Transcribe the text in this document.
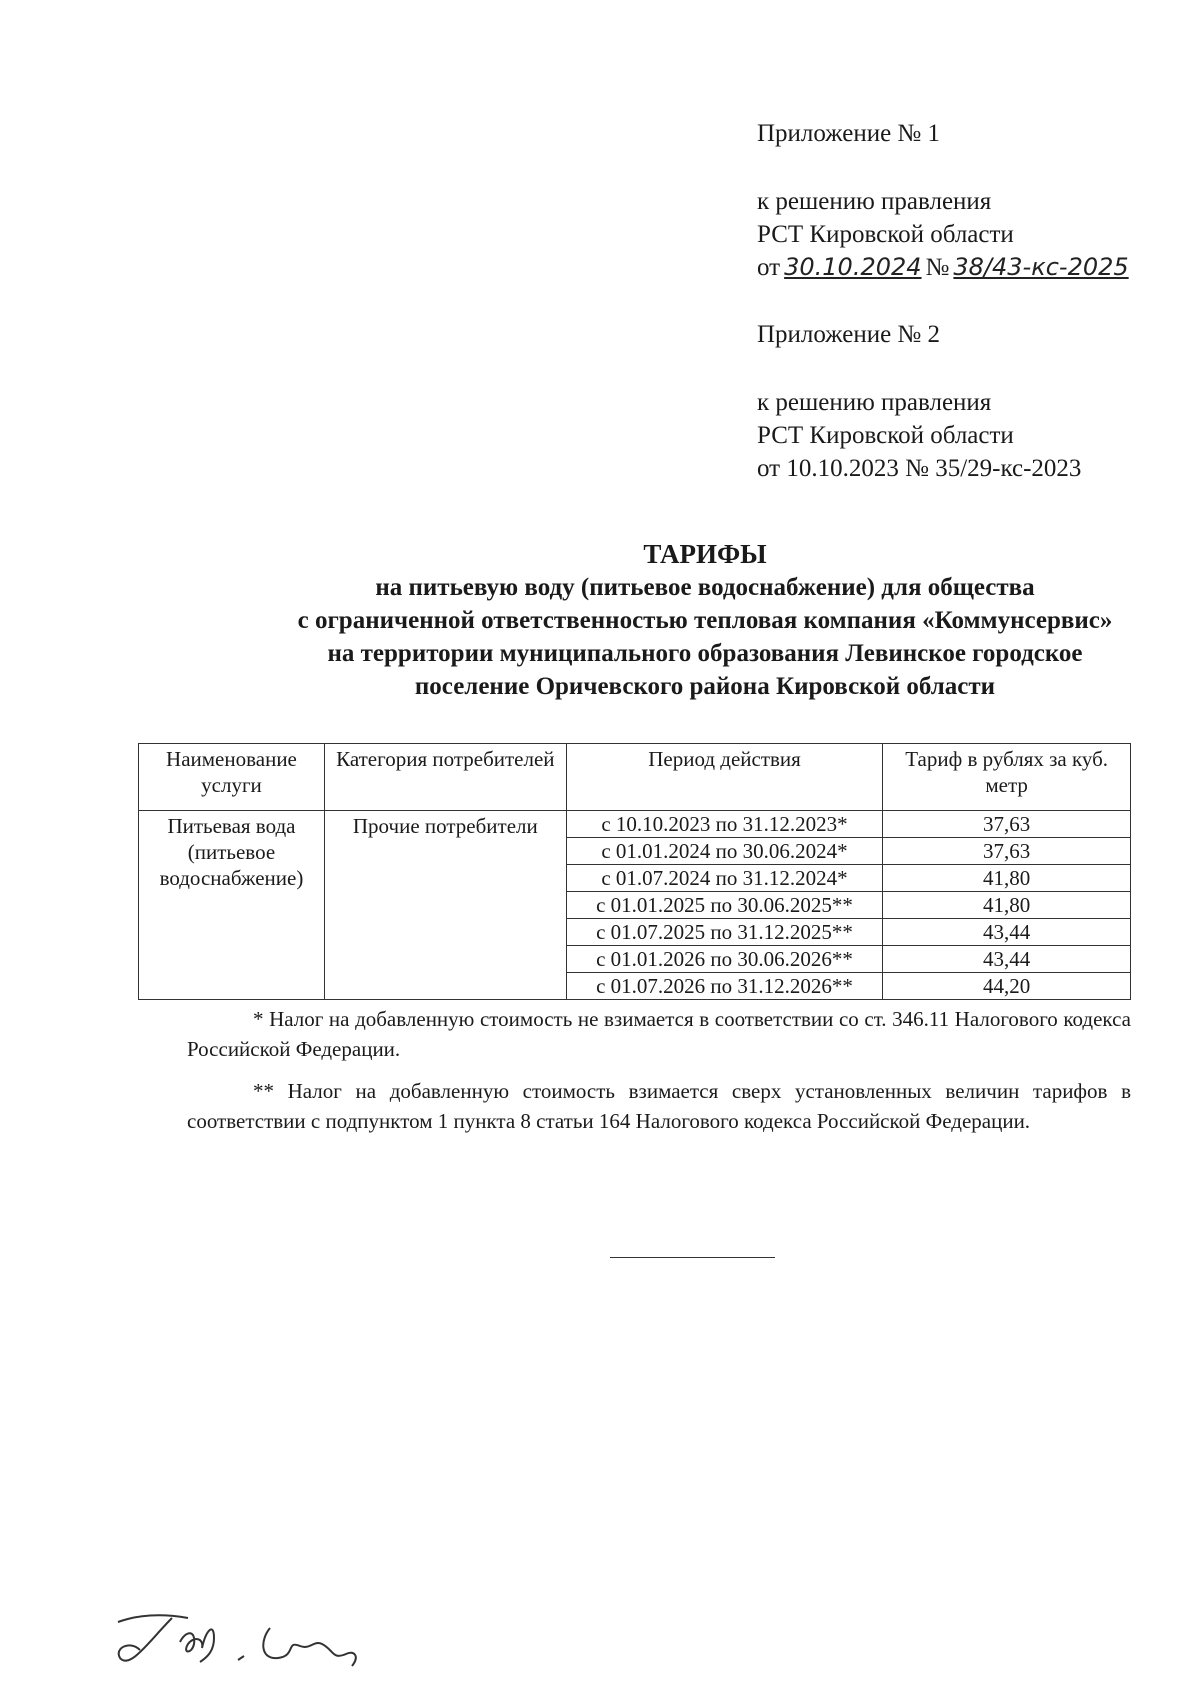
Приложение № 1

к решению правления

РСТ Кировской области

от 30.10.2024 № 38/43-кс-2025

Приложение № 2

к решению правления

РСТ Кировской области

от 10.10.2023 № 35/29-кс-2023

ТАРИФЫ

на питьевую воду (питьевое водоснабжение) для общества

с ограниченной ответственностью тепловая компания «Коммунсервис»

на территории муниципального образования Левинское городское

поселение Оричевского района Кировской области

Наименование услуги	Категория потребителей	Период действия	Тариф в рублях за куб. метр
Питьевая вода (питьевое водоснабжение)	Прочие потребители	с 10.10.2023 по 31.12.2023*	37,63
		с 01.01.2024 по 30.06.2024*	37,63
		с 01.07.2024 по 31.12.2024*	41,80
		с 01.01.2025 по 30.06.2025**	41,80
		с 01.07.2025 по 31.12.2025**	43,44
		с 01.01.2026 по 30.06.2026**	43,44
		с 01.07.2026 по 31.12.2026**	44,20

* Налог на добавленную стоимость не взимается в соответствии со ст. 346.11 Налогового кодекса Российской Федерации.

** Налог на добавленную стоимость взимается сверх установленных величин тарифов в соответствии с подпунктом 1 пункта 8 статьи 164 Налогового кодекса Российской Федерации.
